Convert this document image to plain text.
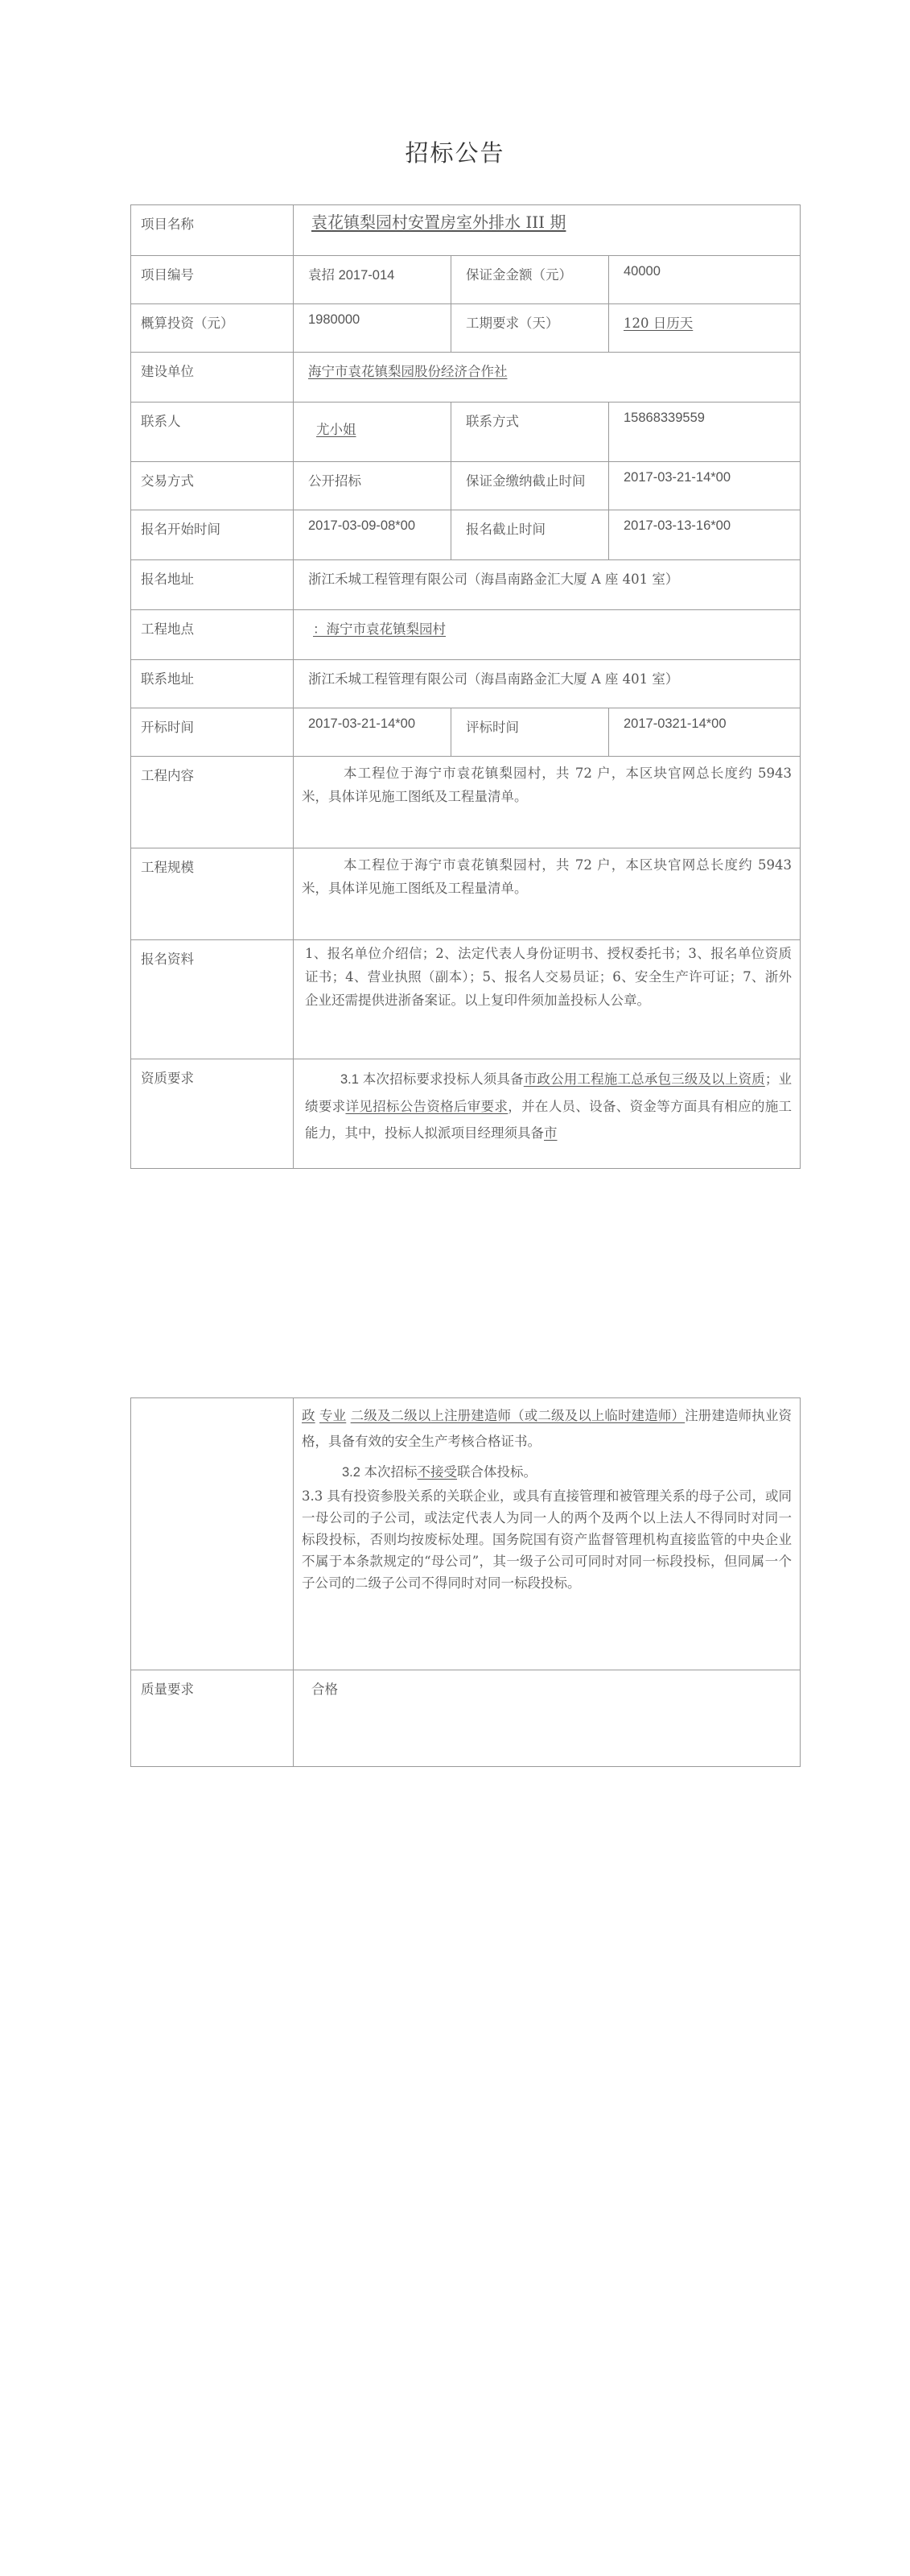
招标公告
项目名称	袁花镇梨园村安置房室外排水 III 期		
项目编号	袁招 2017-014	保证金金额（元）	40000
概算投资（元）	1980000	工期要求（天）	120 日历天
建设单位	海宁市袁花镇梨园股份经济合作社		
联系人	尤小姐	联系方式	15868339559
交易方式	公开招标	保证金缴纳截止时间	2017-03-21-14*00
报名开始时间	2017-03-09-08*00	报名截止时间	2017-03-13-16*00
报名地址	浙江禾城工程管理有限公司（海昌南路金汇大厦 A 座 401 室）		
工程地点	：海宁市袁花镇梨园村		
联系地址	浙江禾城工程管理有限公司（海昌南路金汇大厦 A 座 401 室）		
开标时间	2017-03-21-14*00	评标时间	2017-0321-14*00
工程内容	本工程位于海宁市袁花镇梨园村，共 72 户，本区块官网总长度约 5943 米，具体详见施工图纸及工程量清单。		

工程规模	本工程位于海宁市袁花镇梨园村，共 72 户，本区块官网总长度约 5943 米，具体详见施工图纸及工程量清单。		

报名资料	1、报名单位介绍信；2、法定代表人身份证明书、授权委托书；3、报名单位资质证书；4、营业执照（副本）；5、报名人交易员证；6、安全生产许可证；7、浙外企业还需提供进浙备案证。以上复印件须加盖投标人公章。		
资质要求	3.1 本次招标要求投标人须具备市政公用工程施工总承包三级及以上资质；业绩要求详见招标公告资格后审要求，并在人员、设备、资金等方面具有相应的施工能力，其中，投标人拟派项目经理须具备市		

	政 专业 二级及二级以上注册建造师（或二级及以上临时建造师）注册建造师执业资格，具备有效的安全生产考核合格证书。
3.2 本次招标不接受联合体投标。
3.3 具有投资参股关系的关联企业，或具有直接管理和被管理关系的母子公司，或同一母公司的子公司，或法定代表人为同一人的两个及两个以上法人不得同时对同一标段投标，否则均按废标处理。国务院国有资产监督管理机构直接监管的中央企业不属于本条款规定的“母公司”，其一级子公司可同时对同一标段投标，但同属一个子公司的二级子公司不得同时对同一标段投标。

质量要求	合格
